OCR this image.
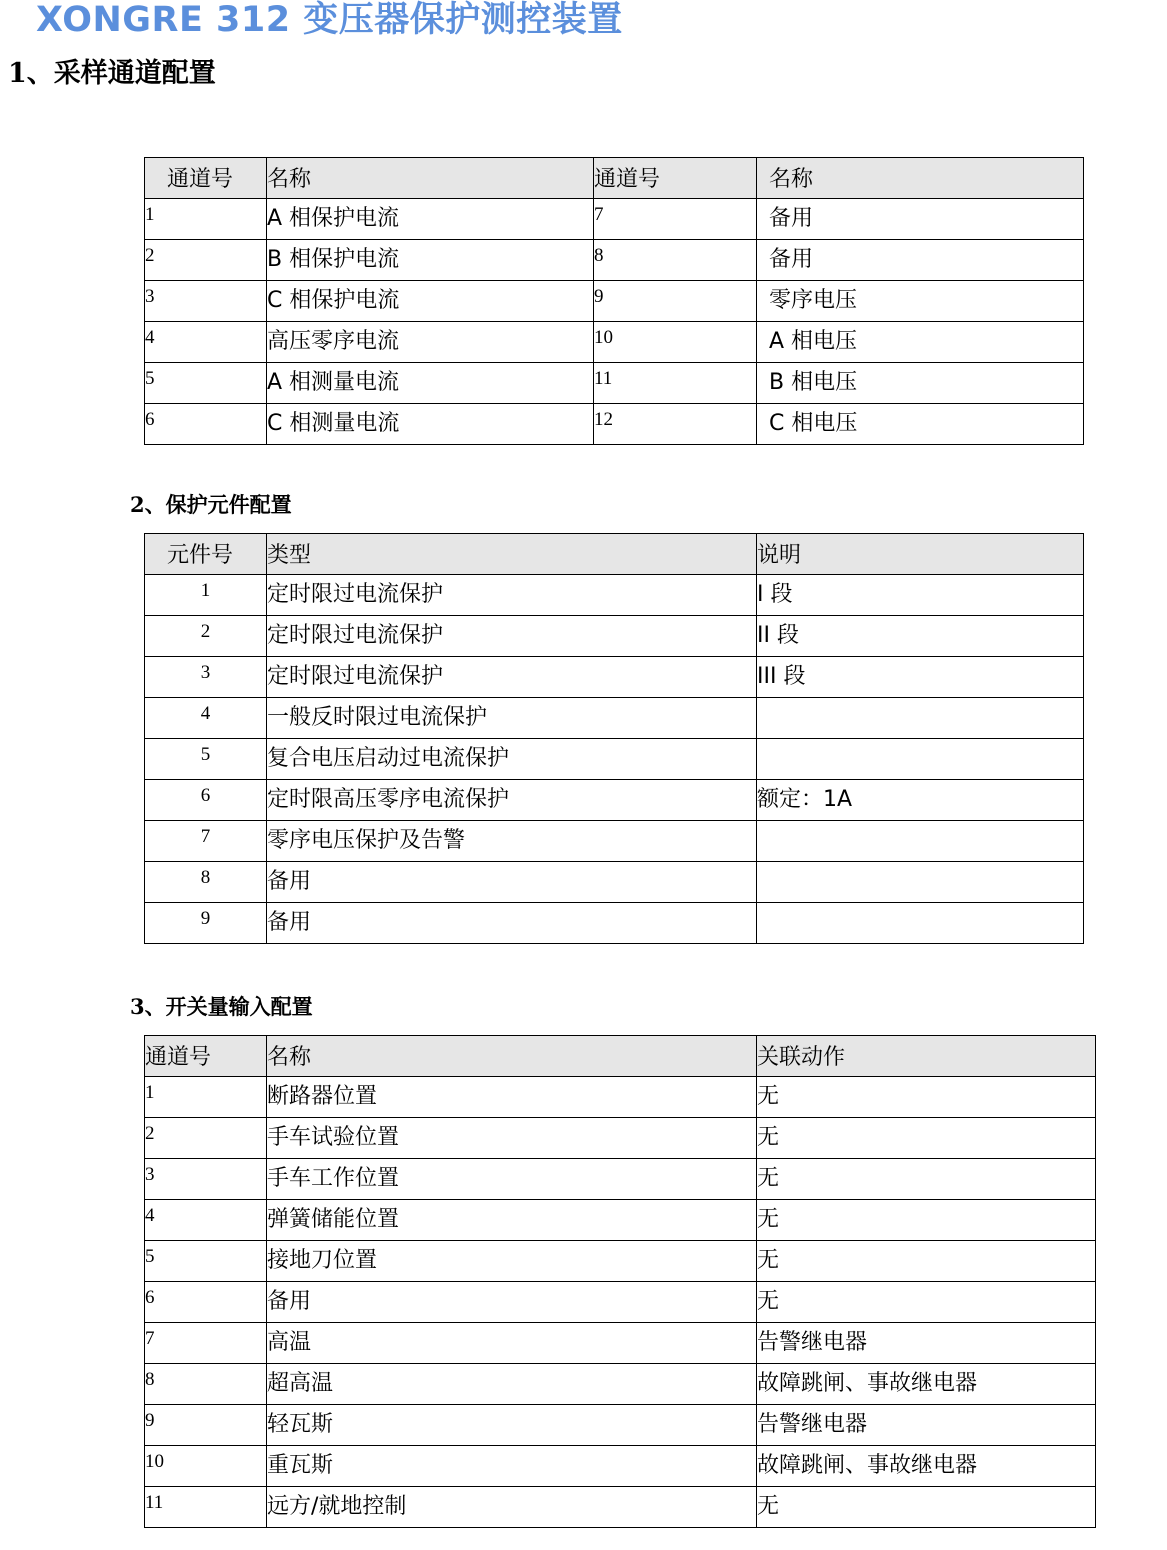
XONGRE 312 变压器保护测控装置
1、采样通道配置
通道号	名称	通道号	名称
1	A 相保护电流	7	备用
2	B 相保护电流	8	备用
3	C 相保护电流	9	零序电压
4	高压零序电流	10	A 相电压
5	A 相测量电流	11	B 相电压
6	C 相测量电流	12	C 相电压
2、保护元件配置
元件号	类型	说明
1	定时限过电流保护	I 段
2	定时限过电流保护	II 段
3	定时限过电流保护	III 段
4	一般反时限过电流保护	
5	复合电压启动过电流保护	
6	定时限高压零序电流保护	额定：1A
7	零序电压保护及告警	
8	备用	
9	备用	
3、开关量输入配置
通道号	名称	关联动作
1	断路器位置	无
2	手车试验位置	无
3	手车工作位置	无
4	弹簧储能位置	无
5	接地刀位置	无
6	备用	无
7	高温	告警继电器
8	超高温	故障跳闸、事故继电器
9	轻瓦斯	告警继电器
10	重瓦斯	故障跳闸、事故继电器
11	远方/就地控制	无
